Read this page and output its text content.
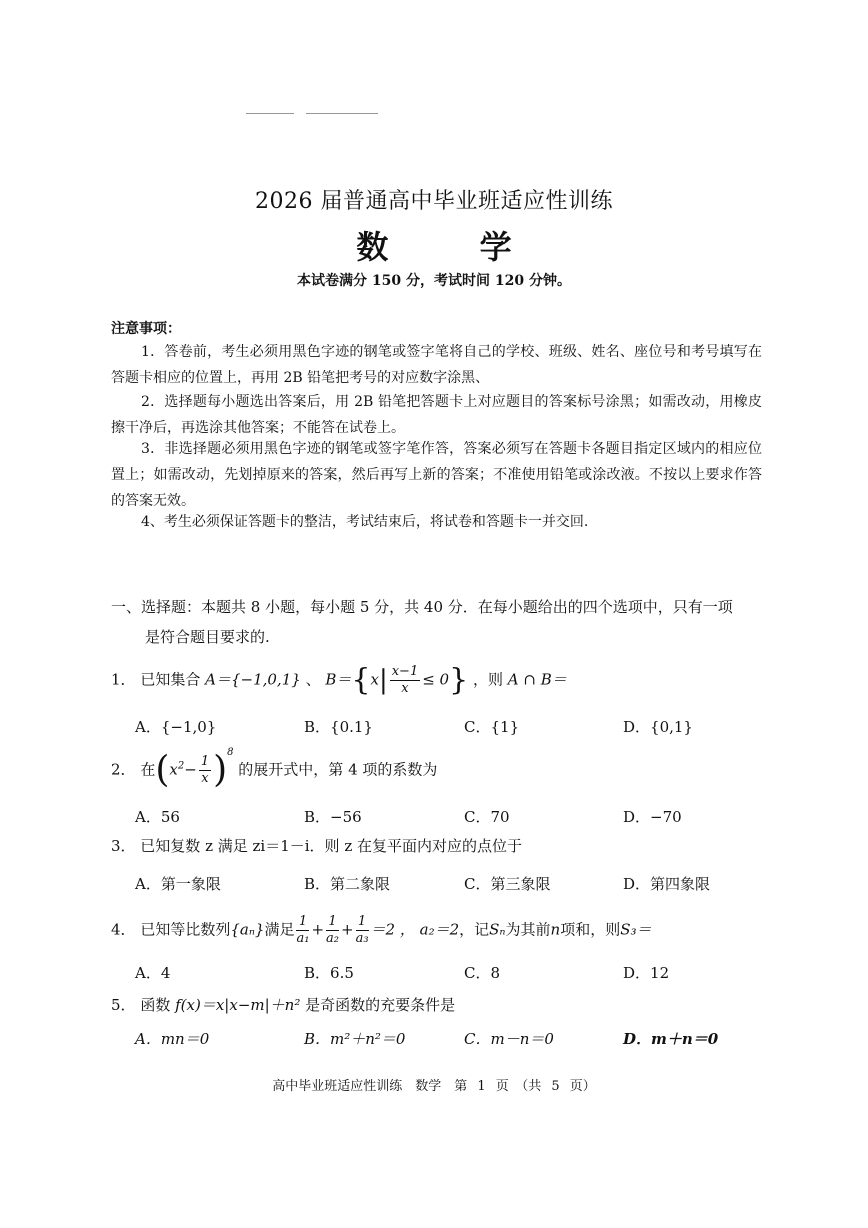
2026 届普通高中毕业班适应性训练
数 学
本试卷满分 150 分，考试时间 120 分钟。
注意事项：
1．答卷前，考生必须用黑色字迹的钢笔或签字笔将自己的学校、班级、姓名、座位号和考号填写在答题卡相应的位置上，再用 2B 铅笔把考号的对应数字涂黑、
2．选择题每小题选出答案后，用 2B 铅笔把答题卡上对应题目的答案标号涂黑；如需改动，用橡皮擦干净后，再选涂其他答案；不能答在试卷上。
3．非选择题必须用黑色字迹的钢笔或签字笔作答，答案必须写在答题卡各题目指定区域内的相应位置上；如需改动，先划掉原来的答案，然后再写上新的答案；不准使用铅笔或涂改液。不按以上要求作答的答案无效。
4、考生必须保证答题卡的整洁，考试结束后，将试卷和答题卡一并交回.
一、选择题：本题共 8 小题，每小题 5 分，共 40 分．在每小题给出的四个选项中，只有一项
是符合题目要求的.
1． 已知集合 A＝{−1,0,1} 、 $B=\{x| \frac{x-1}{x} \le 0\}$ ，则 A ∩ B＝
A．{−1,0}	B．{0.1}	C．{1}	D．{0,1}
2． 在$(x^2- \frac{1}{x} )^8$ 的展开式中，第 4 项的系数为
A．56	B．−56	C．70	D．−70
3． 已知复数 z 满足 zi＝1－i．则 z 在复平面内对应的点位于
A．第一象限	B．第二象限	C．第三象限	D．第四象限
4． 已知等比数列{aₙ}满足 $\frac{1}{\text{a₁}} + \frac{1}{\text{a₂}} + \frac{1}{\text{a₃}} =2$ ， a₂＝2，记Sₙ为其前n项和，则S₃＝
A．4	B．6.5	C．8	D．12
5． 函数 f(x)＝x|x−m|＋n² 是奇函数的充要条件是
A．mn＝0	B．m²＋n²＝0	C．m－n＝0	D．m＋n＝0
高中毕业班适应性训练　数学　第 1 页　（共 5 页）
